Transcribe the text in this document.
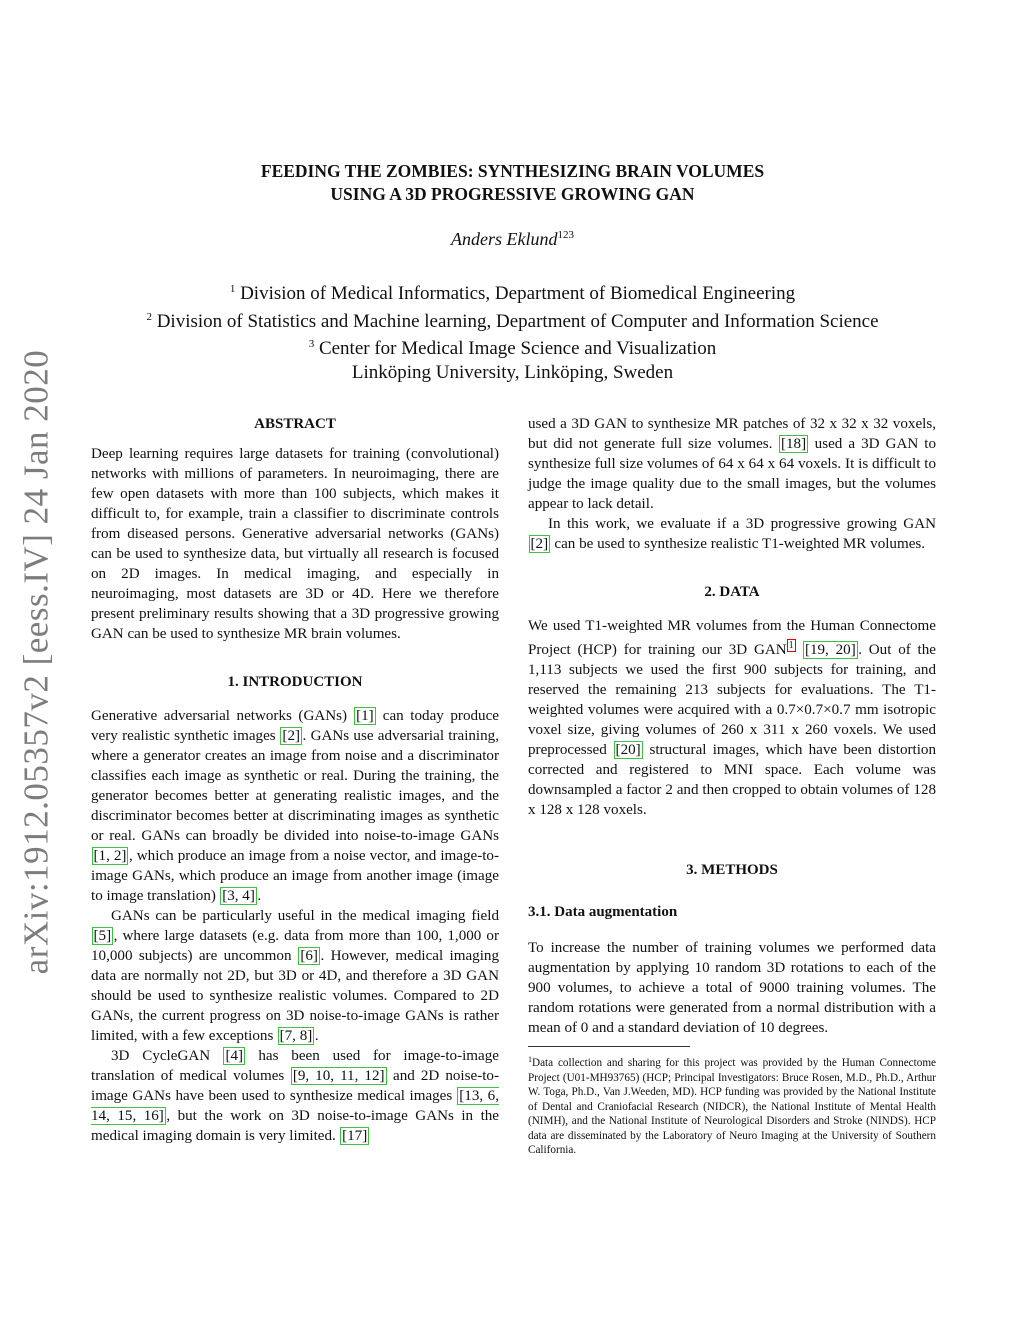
arXiv:1912.05357v2 [eess.IV] 24 Jan 2020
FEEDING THE ZOMBIES: SYNTHESIZING BRAIN VOLUMES
USING A 3D PROGRESSIVE GROWING GAN
Anders Eklund$^{123}$
$^1$ Division of Medical Informatics, Department of Biomedical Engineering
$^2$ Division of Statistics and Machine learning, Department of Computer and Information Science
$^3$ Center for Medical Image Science and Visualization
Linköping University, Linköping, Sweden
ABSTRACT

Deep learning requires large datasets for training (convolutional) networks with millions of parameters. In neuroimaging, there are few open datasets with more than 100 subjects, which makes it difficult to, for example, train a classifier to discriminate controls from diseased persons. Generative adversarial networks (GANs) can be used to synthesize data, but virtually all research is focused on 2D images. In medical imaging, and especially in neuroimaging, most datasets are 3D or 4D. Here we therefore present preliminary results showing that a 3D progressive growing GAN can be used to synthesize MR brain volumes.

1. INTRODUCTION

Generative adversarial networks (GANs) [1] can today produce very realistic synthetic images [2] . GANs use adversarial training, where a generator creates an image from noise and a discriminator classifies each image as synthetic or real. During the training, the generator becomes better at generating realistic images, and the discriminator becomes better at discriminating images as synthetic or real. GANs can broadly be divided into noise-to-image GANs [1, 2] , which produce an image from a noise vector, and image-to-image GANs, which produce an image from another image (image to image translation) [3, 4] .

GANs can be particularly useful in the medical imaging field [5] , where large datasets (e.g. data from more than 100, 1,000 or 10,000 subjects) are uncommon [6] . However, medical imaging data are normally not 2D, but 3D or 4D, and therefore a 3D GAN should be used to synthesize realistic volumes. Compared to 2D GANs, the current progress on 3D noise-to-image GANs is rather limited, with a few exceptions [7, 8] .

3D CycleGAN [4] has been used for image-to-image translation of medical volumes [9, 10, 11, 12] and 2D noise-to-image GANs have been used to synthesize medical images [13, 6, 14, 15, 16] , but the work on 3D noise-to-image GANs in the medical imaging domain is very limited. [17]

used a 3D GAN to synthesize MR patches of 32 x 32 x 32 voxels, but did not generate full size volumes. [18] used a 3D GAN to synthesize full size volumes of 64 x 64 x 64 voxels. It is difficult to judge the image quality due to the small images, but the volumes appear to lack detail.

In this work, we evaluate if a 3D progressive growing GAN [2] can be used to synthesize realistic T1-weighted MR volumes.

2. DATA

We used T1-weighted MR volumes from the Human Connectome Project (HCP) for training our 3D GAN $^1$ [19, 20] . Out of the 1,113 subjects we used the first 900 subjects for training, and reserved the remaining 213 subjects for evaluations. The T1-weighted volumes were acquired with a 0.7×0.7×0.7 mm isotropic voxel size, giving volumes of 260 x 311 x 260 voxels. We used preprocessed [20] structural images, which have been distortion corrected and registered to MNI space. Each volume was downsampled a factor 2 and then cropped to obtain volumes of 128 x 128 x 128 voxels.

3. METHODS
3.1. Data augmentation

To increase the number of training volumes we performed data augmentation by applying 10 random 3D rotations to each of the 900 volumes, to achieve a total of 9000 training volumes. The random rotations were generated from a normal distribution with a mean of 0 and a standard deviation of 10 degrees.

$^1$Data collection and sharing for this project was provided by the Human Connectome Project (U01-MH93765) (HCP; Principal Investigators: Bruce Rosen, M.D., Ph.D., Arthur W. Toga, Ph.D., Van J.Weeden, MD). HCP funding was provided by the National Institute of Dental and Craniofacial Research (NIDCR), the National Institute of Mental Health (NIMH), and the National Institute of Neurological Disorders and Stroke (NINDS). HCP data are disseminated by the Laboratory of Neuro Imaging at the University of Southern California.
